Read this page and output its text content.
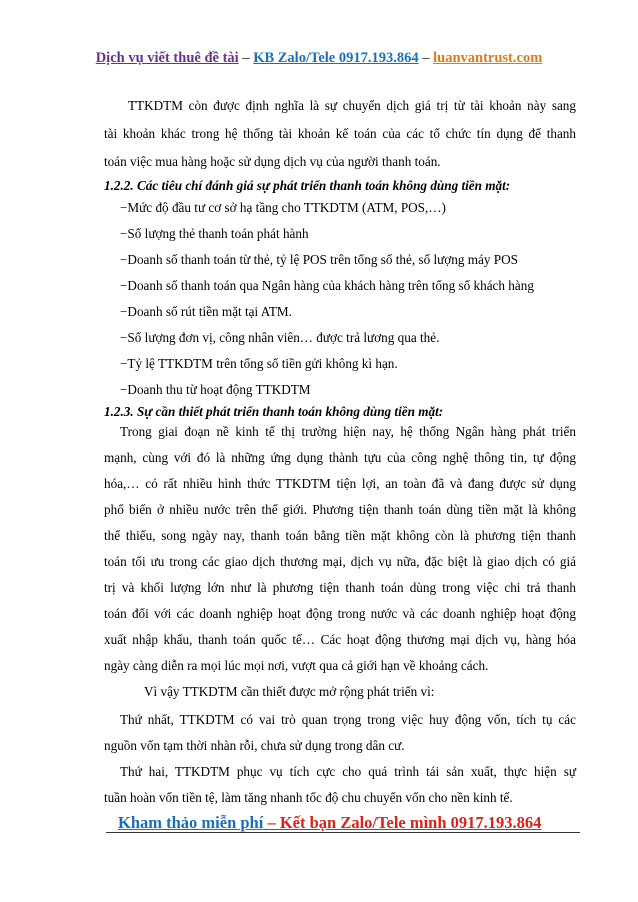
Dịch vụ viết thuê đề tài – KB Zalo/Tele 0917.193.864 – luanvantrust.com
TTKDTM còn được định nghĩa là sự chuyển dịch giá trị từ tài khoản này sang
tài khoản khác trong hệ thống tài khoản kế toán của các tổ chức tín dụng để thanh
toán việc mua hàng hoặc sử dụng dịch vụ của người thanh toán.
1.2.2. Các tiêu chí đánh giá sự phát triển thanh toán không dùng tiền mặt:
−Mức độ đầu tư cơ sở hạ tầng cho TTKDTM (ATM, POS,…)
−Số lượng thẻ thanh toán phát hành
−Doanh số thanh toán từ thẻ, tỷ lệ POS trên tổng số thẻ, số lượng máy POS
−Doanh số thanh toán qua Ngân hàng của khách hàng trên tổng số khách hàng
−Doanh số rút tiền mặt tại ATM.
−Số lượng đơn vị, công nhân viên… được trả lương qua thẻ.
−Tỷ lệ TTKDTM trên tổng số tiền gửi không kì hạn.
−Doanh thu từ hoạt động TTKDTM
1.2.3. Sự cần thiết phát triển thanh toán không dùng tiền mặt:
Trong giai đoạn nề kinh tế thị trường hiện nay, hệ thống Ngân hàng phát triển
mạnh, cùng với đó là những ứng dụng thành tựu của công nghệ thông tin, tự động
hóa,… có rất nhiều hình thức TTKDTM tiện lợi, an toàn đã và đang được sử dụng
phổ biến ở nhiều nước trên thế giới. Phương tiện thanh toán dùng tiền mặt là không
thể thiếu, song ngày nay, thanh toán bằng tiền mặt không còn là phương tiện thanh
toán tối ưu trong các giao dịch thương mại, dịch vụ nữa, đặc biệt là giao dịch có giá
trị và khối lượng lớn như là phương tiện thanh toán dùng trong việc chi trả thanh
toán đối với các doanh nghiệp hoạt động trong nước và các doanh nghiệp hoạt động
xuất nhập khẩu, thanh toán quốc tế… Các hoạt động thương mại dịch vụ, hàng hóa
ngày càng diễn ra mọi lúc mọi nơi, vượt qua cả giới hạn về khoảng cách.
Vì vậy TTKDTM cần thiết được mở rộng phát triển vì:
Thứ nhất, TTKDTM có vai trò quan trọng trong việc huy động vốn, tích tụ các
nguồn vốn tạm thời nhàn rỗi, chưa sử dụng trong dân cư.
Thứ hai, TTKDTM phục vụ tích cực cho quá trình tái sản xuất, thực hiện sự
tuần hoàn vốn tiền tệ, làm tăng nhanh tốc độ chu chuyển vốn cho nền kinh tế.
Kham thảo miễn phí – Kết bạn Zalo/Tele mình 0917.193.864
